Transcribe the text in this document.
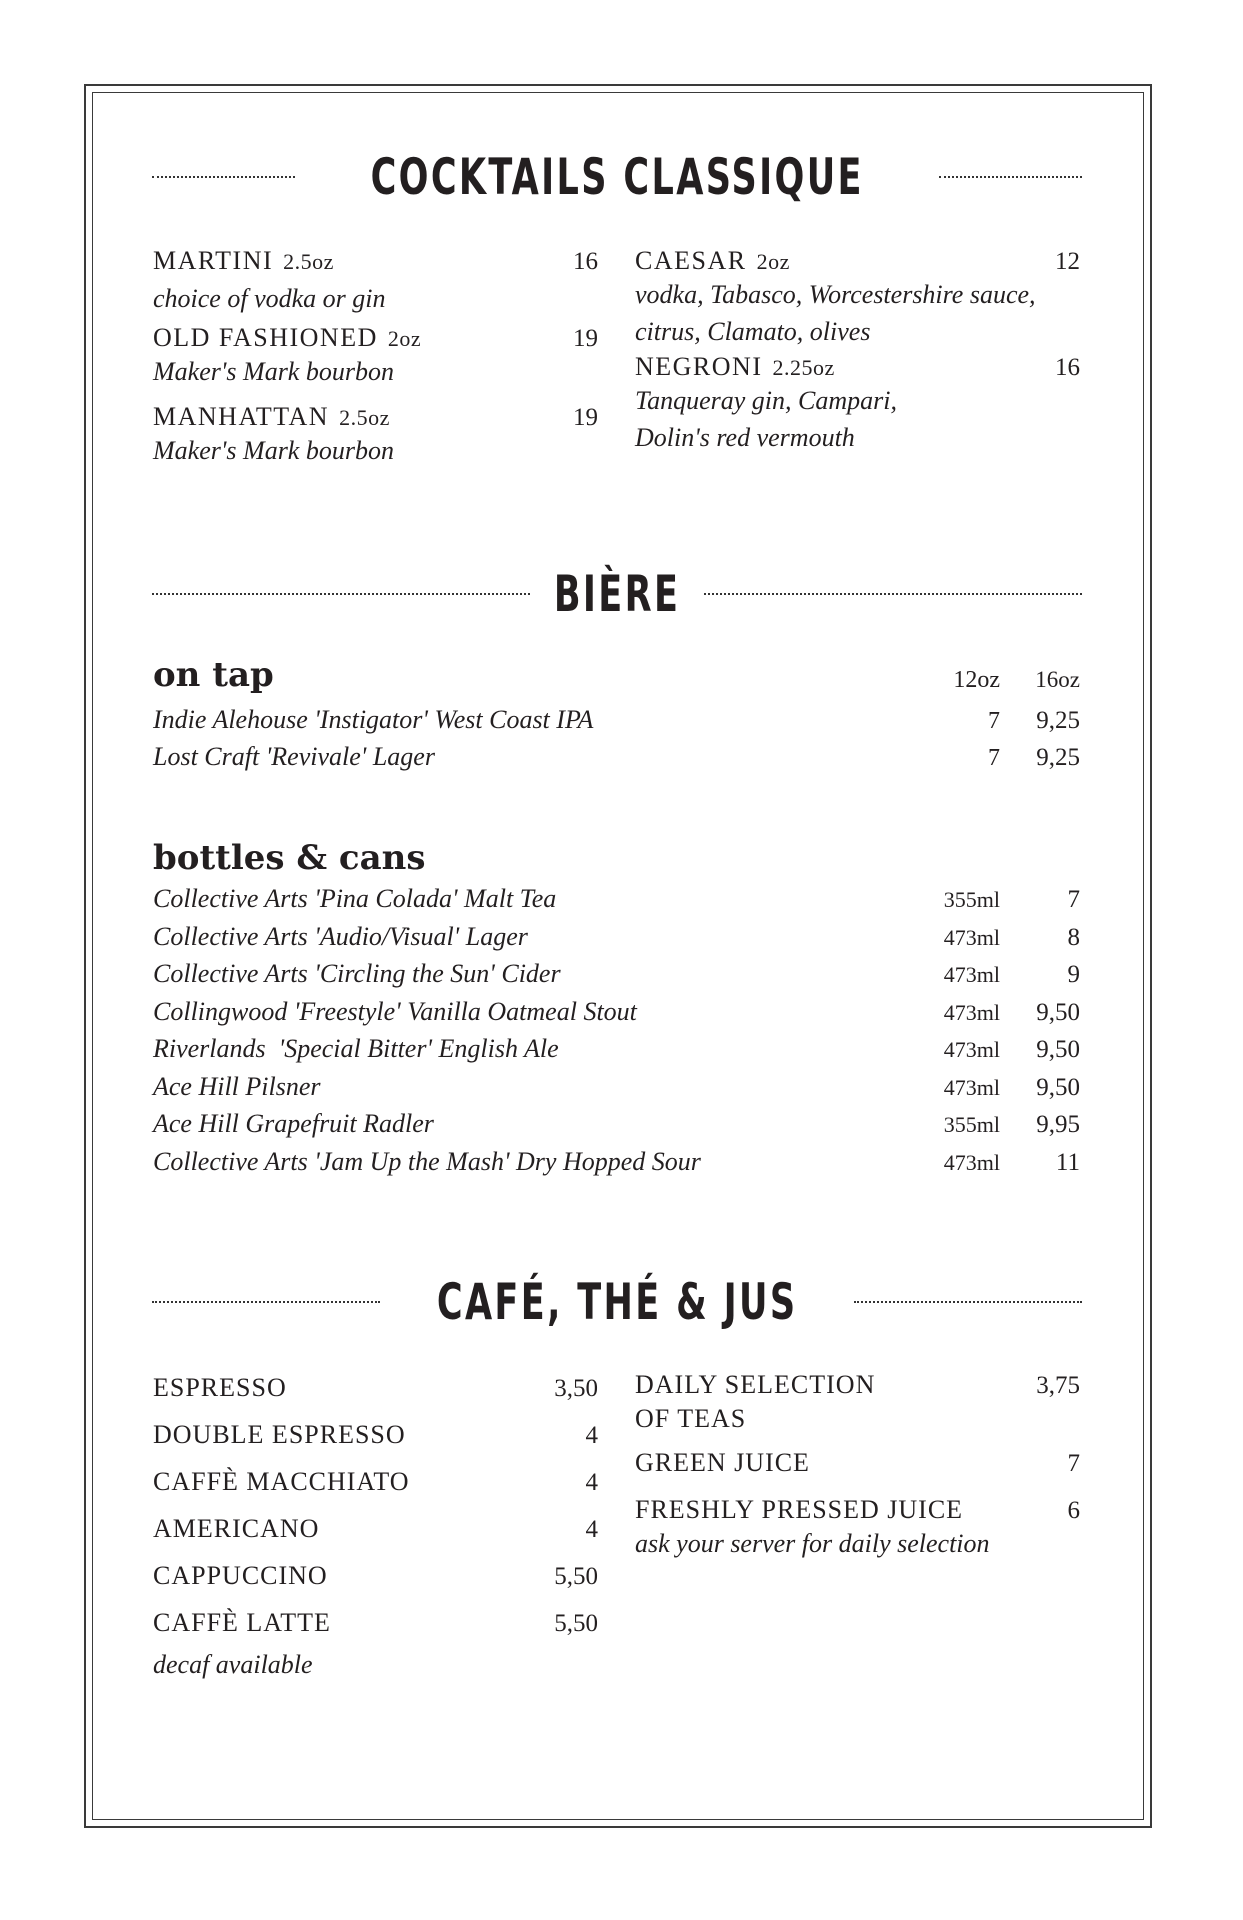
COCKTAILS CLASSIQUE
MARTINI 2.5oz	16
choice of vodka or gin
OLD FASHIONED 2oz	19
Maker's Mark bourbon
MANHATTAN 2.5oz	19
Maker's Mark bourbon
CAESAR 2oz	12
vodka, Tabasco, Worcestershire sauce,
citrus, Clamato, olives
NEGRONI 2.25oz	16
Tanqueray gin, Campari,
Dolin's red vermouth
BIÈRE
on tap	12oz	16oz
Indie Alehouse 'Instigator' West Coast IPA	7	9,25
Lost Craft 'Revivale' Lager	7	9,25
bottles & cans
Collective Arts 'Pina Colada' Malt Tea	355ml	7
Collective Arts 'Audio/Visual' Lager	473ml	8
Collective Arts 'Circling the Sun' Cider	473ml	9
Collingwood 'Freestyle' Vanilla Oatmeal Stout	473ml	9,50
Riverlands  'Special Bitter' English Ale	473ml	9,50
Ace Hill Pilsner	473ml	9,50
Ace Hill Grapefruit Radler	355ml	9,95
Collective Arts 'Jam Up the Mash' Dry Hopped Sour	473ml	11
CAFÉ, THÉ & JUS
ESPRESSO	3,50
DOUBLE ESPRESSO	4
CAFFÈ MACCHIATO	4
AMERICANO	4
CAPPUCCINO	5,50
CAFFÈ LATTE	5,50
decaf available
DAILY SELECTION	3,75
OF TEAS
GREEN JUICE	7
FRESHLY PRESSED JUICE	6
ask your server for daily selection
